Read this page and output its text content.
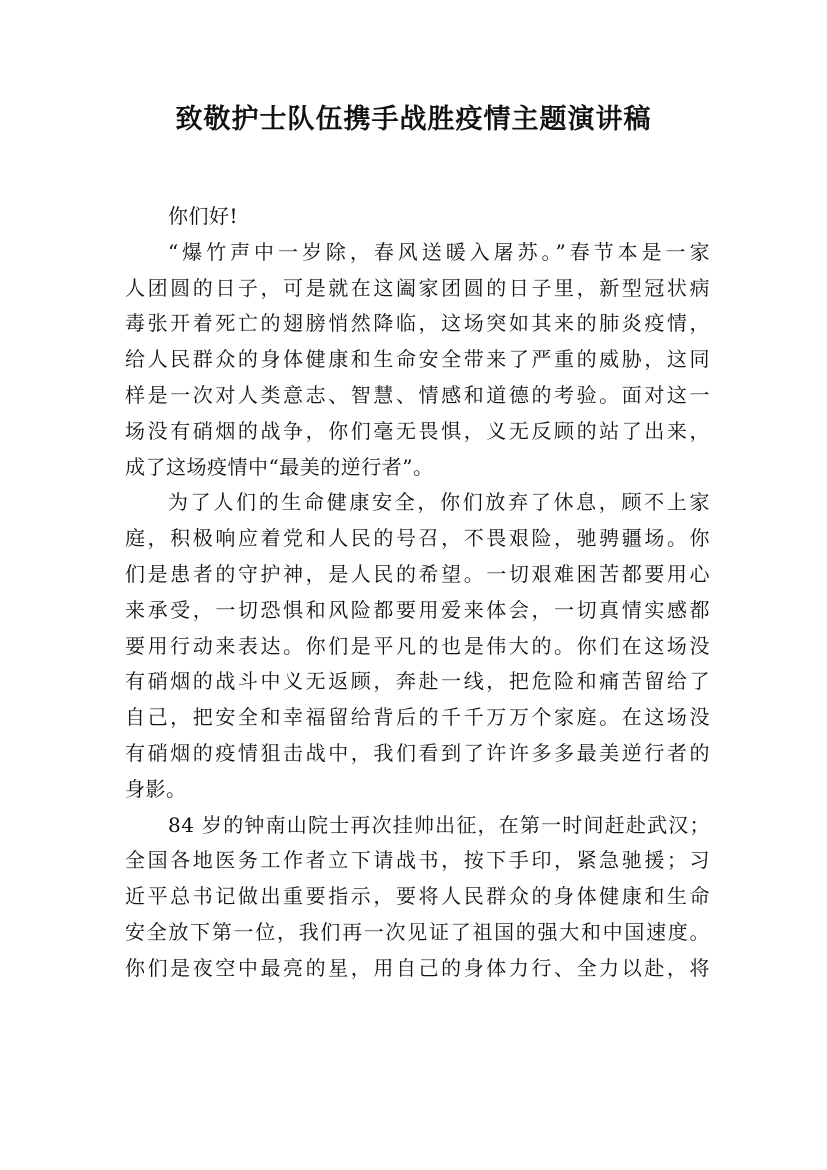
致敬护士队伍携手战胜疫情主题演讲稿
你们好!
“爆竹声中一岁除，春风送暖入屠苏。”春节本是一家
人团圆的日子，可是就在这阖家团圆的日子里，新型冠状病
毒张开着死亡的翅膀悄然降临，这场突如其来的肺炎疫情，
给人民群众的身体健康和生命安全带来了严重的威胁，这同
样是一次对人类意志、智慧、情感和道德的考验。面对这一
场没有硝烟的战争，你们毫无畏惧，义无反顾的站了出来，
成了这场疫情中“最美的逆行者”。
为了人们的生命健康安全，你们放弃了休息，顾不上家
庭，积极响应着党和人民的号召，不畏艰险，驰骋疆场。你
们是患者的守护神，是人民的希望。一切艰难困苦都要用心
来承受，一切恐惧和风险都要用爱来体会，一切真情实感都
要用行动来表达。你们是平凡的也是伟大的。你们在这场没
有硝烟的战斗中义无返顾，奔赴一线，把危险和痛苦留给了
自己，把安全和幸福留给背后的千千万万个家庭。在这场没
有硝烟的疫情狙击战中，我们看到了许许多多最美逆行者的
身影。
84 岁的钟南山院士再次挂帅出征，在第一时间赶赴武汉；
全国各地医务工作者立下请战书，按下手印，紧急驰援；习
近平总书记做出重要指示，要将人民群众的身体健康和生命
安全放下第一位，我们再一次见证了祖国的强大和中国速度。
你们是夜空中最亮的星，用自己的身体力行、全力以赴，将
